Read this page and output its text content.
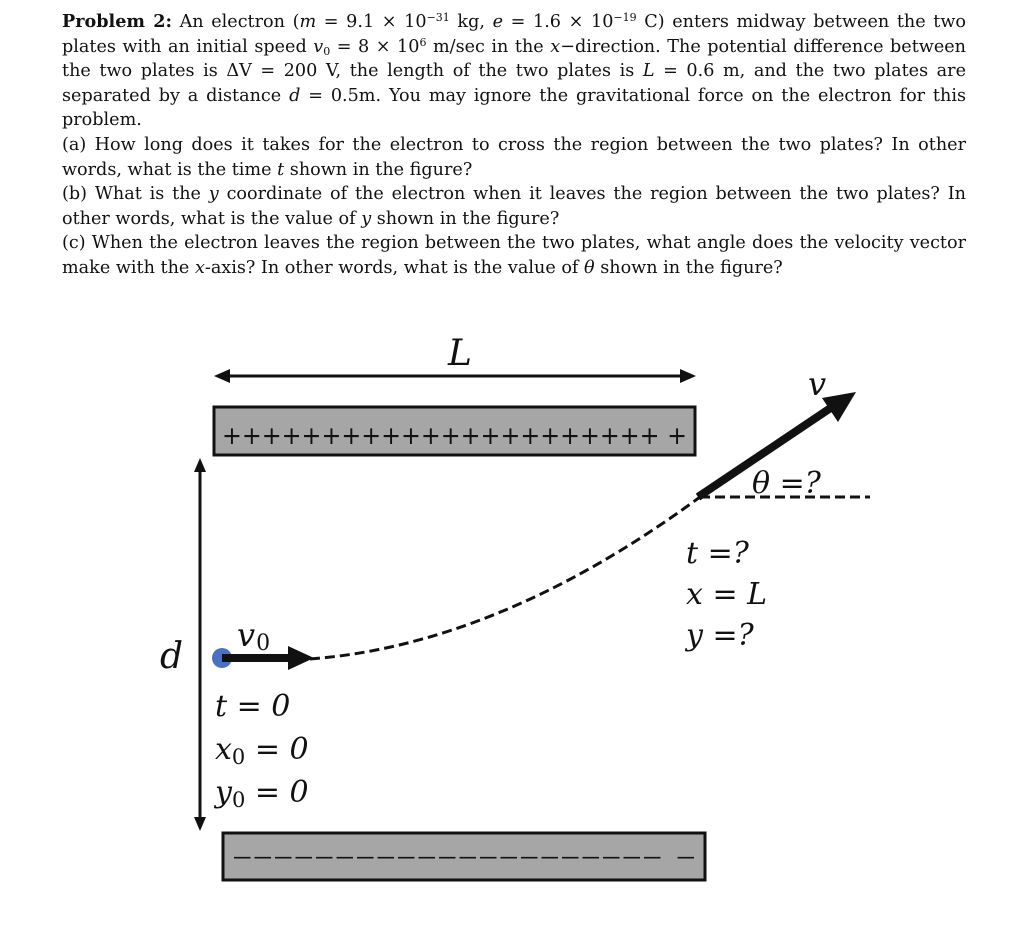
Problem 2: An electron ($m = 9.1 \times 10^{-31}$ kg, $e = 1.6 \times 10^{-19}$ C) enters midway between the two plates with an initial speed $v_0 = 8 \times 10^6$ m/sec in the x−direction. The potential difference between the two plates is ΔV = 200 V, the length of the two plates is L = 0.6 m, and the two plates are separated by a distance d = 0.5m. You may ignore the gravitational force on the electron for this problem.

(a) How long does it takes for the electron to cross the region between the two plates? In other words, what is the time t shown in the figure?

(b) What is the y coordinate of the electron when it leaves the region between the two plates? In other words, what is the value of y shown in the figure?

(c) When the electron leaves the region between the two plates, what angle does the velocity vector make with the x-axis? In other words, what is the value of θ shown in the figure?

L
++++++++++++++++++++++ +
––––––––––––––––––––– –
d
v
θ =?
v0
t = 0
x0 = 0
y0 = 0
t =?
x = L
y =?
